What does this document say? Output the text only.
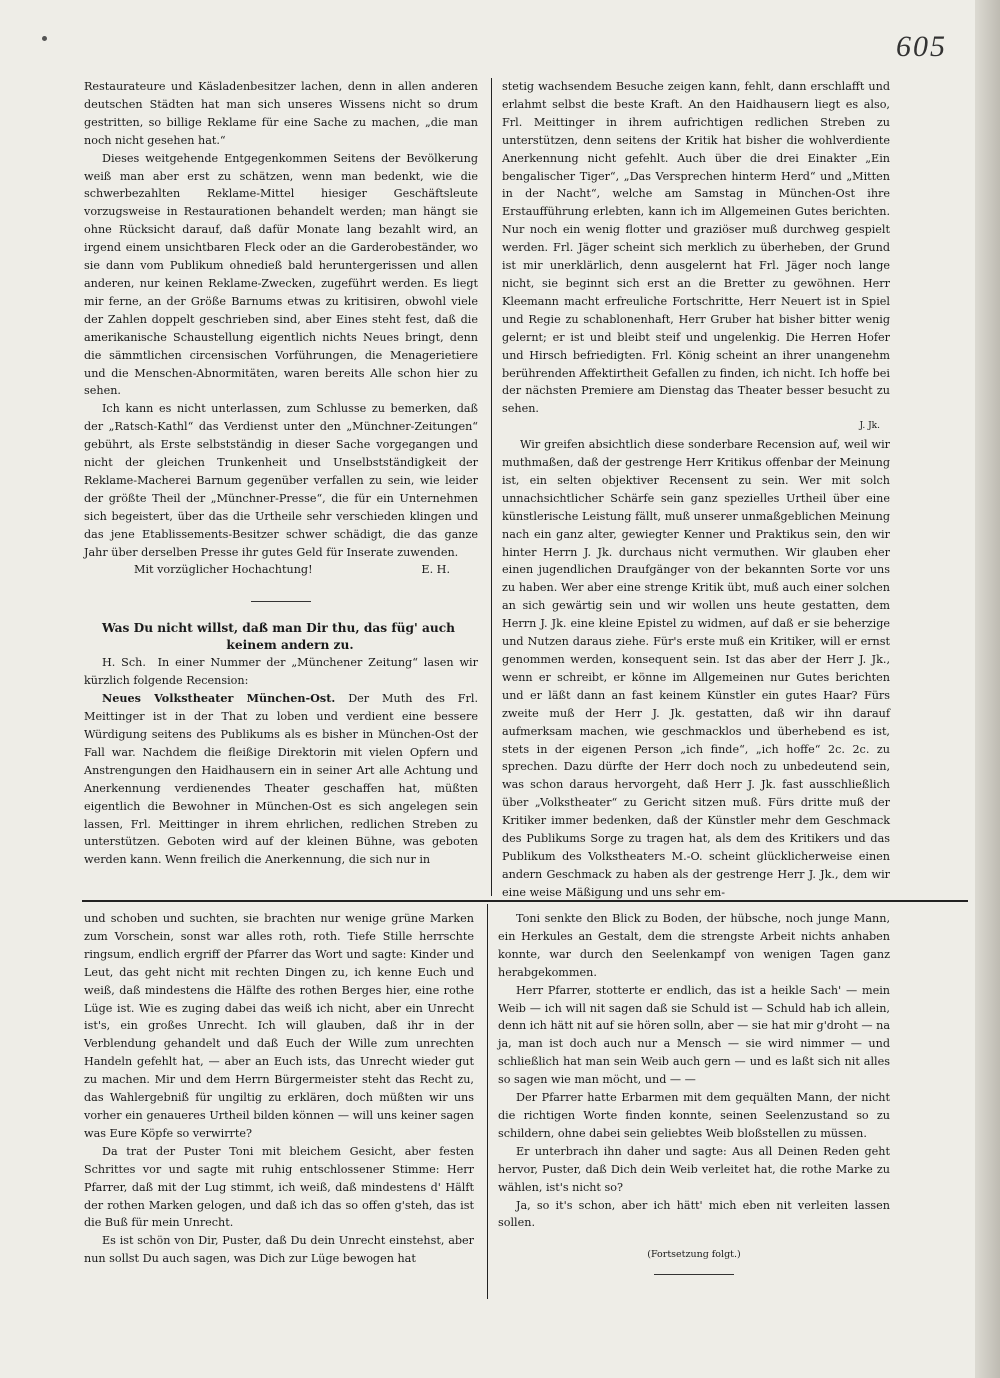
605

Restaurateure und Käsladenbesitzer lachen, denn in allen anderen deutschen Städten hat man sich unseres Wissens nicht so drum gestritten, so billige Reklame für eine Sache zu machen, „die man noch nicht gesehen hat.“

Dieses weitgehende Entgegenkommen Seitens der Bevölkerung weiß man aber erst zu schätzen, wenn man bedenkt, wie die schwerbezahlten Reklame-Mittel hiesiger Geschäftsleute vorzugsweise in Restaurationen behandelt werden; man hängt sie ohne Rücksicht darauf, daß dafür Monate lang bezahlt wird, an irgend einem unsichtbaren Fleck oder an die Garderobeständer, wo sie dann vom Publikum ohnedieß bald heruntergerissen und allen anderen, nur keinen Reklame-Zwecken, zugeführt werden. Es liegt mir ferne, an der Größe Barnums etwas zu kritisiren, obwohl viele der Zahlen doppelt geschrieben sind, aber Eines steht fest, daß die amerikanische Schaustellung eigentlich nichts Neues bringt, denn die sämmtlichen circensischen Vorführungen, die Menagerietiere und die Menschen-Abnormitäten, waren bereits Alle schon hier zu sehen.

Ich kann es nicht unterlassen, zum Schlusse zu bemerken, daß der „Ratsch-Kathl“ das Verdienst unter den „Münchner-Zeitungen“ gebührt, als Erste selbstständig in dieser Sache vorgegangen und nicht der gleichen Trunkenheit und Unselbstständigkeit der Reklame-Macherei Barnum gegenüber verfallen zu sein, wie leider der größte Theil der „Münchner-Presse“, die für ein Unternehmen sich begeistert, über das die Urtheile sehr verschieden klingen und das jene Etablissements-Besitzer schwer schädigt, die das ganze Jahr über derselben Presse ihr gutes Geld für Inserate zuwenden.

Mit vorzüglicher Hochachtung!	E. H.

Was Du nicht willst, daß man Dir thu, das füg' auch
keinem andern zu.

H. Sch. In einer Nummer der „Münchener Zeitung“ lasen wir kürzlich folgende Recension:

Neues Volkstheater München-Ost. Der Muth des Frl. Meittinger ist in der That zu loben und verdient eine bessere Würdigung seitens des Publikums als es bisher in München-Ost der Fall war. Nachdem die fleißige Direktorin mit vielen Opfern und Anstrengungen den Haidhausern ein in seiner Art alle Achtung und Anerkennung verdienendes Theater geschaffen hat, müßten eigentlich die Bewohner in München-Ost es sich angelegen sein lassen, Frl. Meittinger in ihrem ehrlichen, redlichen Streben zu unterstützen. Geboten wird auf der kleinen Bühne, was geboten werden kann. Wenn freilich die Anerkennung, die sich nur in

stetig wachsendem Besuche zeigen kann, fehlt, dann erschlafft und erlahmt selbst die beste Kraft. An den Haidhausern liegt es also, Frl. Meittinger in ihrem aufrichtigen redlichen Streben zu unterstützen, denn seitens der Kritik hat bisher die wohlverdiente Anerkennung nicht gefehlt. Auch über die drei Einakter „Ein bengalischer Tiger“, „Das Versprechen hinterm Herd“ und „Mitten in der Nacht“, welche am Samstag in München-Ost ihre Erstaufführung erlebten, kann ich im Allgemeinen Gutes berichten. Nur noch ein wenig flotter und graziöser muß durchweg gespielt werden. Frl. Jäger scheint sich merklich zu überheben, der Grund ist mir unerklärlich, denn ausgelernt hat Frl. Jäger noch lange nicht, sie beginnt sich erst an die Bretter zu gewöhnen. Herr Kleemann macht erfreuliche Fortschritte, Herr Neuert ist in Spiel und Regie zu schablonenhaft, Herr Gruber hat bisher bitter wenig gelernt; er ist und bleibt steif und ungelenkig. Die Herren Hofer und Hirsch befriedigten. Frl. König scheint an ihrer unangenehm berührenden Affektirtheit Gefallen zu finden, ich nicht. Ich hoffe bei der nächsten Premiere am Dienstag das Theater besser besucht zu sehen.

J. Jk.

Wir greifen absichtlich diese sonderbare Recension auf, weil wir muthmaßen, daß der gestrenge Herr Kritikus offenbar der Meinung ist, ein selten objektiver Recensent zu sein. Wer mit solch unnachsichtlicher Schärfe sein ganz spezielles Urtheil über eine künstlerische Leistung fällt, muß unserer unmaßgeblichen Meinung nach ein ganz alter, gewiegter Kenner und Praktikus sein, den wir hinter Herrn J. Jk. durchaus nicht vermuthen. Wir glauben eher einen jugendlichen Draufgänger von der bekannten Sorte vor uns zu haben. Wer aber eine strenge Kritik übt, muß auch einer solchen an sich gewärtig sein und wir wollen uns heute gestatten, dem Herrn J. Jk. eine kleine Epistel zu widmen, auf daß er sie beherzige und Nutzen daraus ziehe. Für's erste muß ein Kritiker, will er ernst genommen werden, konsequent sein. Ist das aber der Herr J. Jk., wenn er schreibt, er könne im Allgemeinen nur Gutes berichten und er läßt dann an fast keinem Künstler ein gutes Haar? Fürs zweite muß der Herr J. Jk. gestatten, daß wir ihn darauf aufmerksam machen, wie geschmacklos und überhebend es ist, stets in der eigenen Person „ich finde“, „ich hoffe“ 2c. 2c. zu sprechen. Dazu dürfte der Herr doch noch zu unbedeutend sein, was schon daraus hervorgeht, daß Herr J. Jk. fast ausschließlich über „Volkstheater“ zu Gericht sitzen muß. Fürs dritte muß der Kritiker immer bedenken, daß der Künstler mehr dem Geschmack des Publikums Sorge zu tragen hat, als dem des Kritikers und das Publikum des Volkstheaters M.-O. scheint glücklicherweise einen andern Geschmack zu haben als der gestrenge Herr J. Jk., dem wir eine weise Mäßigung und uns sehr em-

und schoben und suchten, sie brachten nur wenige grüne Marken zum Vorschein, sonst war alles roth, roth. Tiefe Stille herrschte ringsum, endlich ergriff der Pfarrer das Wort und sagte: Kinder und Leut, das geht nicht mit rechten Dingen zu, ich kenne Euch und weiß, daß mindestens die Hälfte des rothen Berges hier, eine rothe Lüge ist. Wie es zuging dabei das weiß ich nicht, aber ein Unrecht ist's, ein großes Unrecht. Ich will glauben, daß ihr in der Verblendung gehandelt und daß Euch der Wille zum unrechten Handeln gefehlt hat, — aber an Euch ists, das Unrecht wieder gut zu machen. Mir und dem Herrn Bürgermeister steht das Recht zu, das Wahlergebniß für ungiltig zu erklären, doch müßten wir uns vorher ein genaueres Urtheil bilden können — will uns keiner sagen was Eure Köpfe so verwirrte?

Da trat der Puster Toni mit bleichem Gesicht, aber festen Schrittes vor und sagte mit ruhig entschlossener Stimme: Herr Pfarrer, daß mit der Lug stimmt, ich weiß, daß mindestens d' Hälft der rothen Marken gelogen, und daß ich das so offen g'steh, das ist die Buß für mein Unrecht.

Es ist schön von Dir, Puster, daß Du dein Unrecht einstehst, aber nun sollst Du auch sagen, was Dich zur Lüge bewogen hat

Toni senkte den Blick zu Boden, der hübsche, noch junge Mann, ein Herkules an Gestalt, dem die strengste Arbeit nichts anhaben konnte, war durch den Seelenkampf von wenigen Tagen ganz herabgekommen.

Herr Pfarrer, stotterte er endlich, das ist a heikle Sach' — mein Weib — ich will nit sagen daß sie Schuld ist — Schuld hab ich allein, denn ich hätt nit auf sie hören solln, aber — sie hat mir g'droht — na ja, man ist doch auch nur a Mensch — sie wird nimmer — und schließlich hat man sein Weib auch gern — und es laßt sich nit alles so sagen wie man möcht, und — —

Der Pfarrer hatte Erbarmen mit dem gequälten Mann, der nicht die richtigen Worte finden konnte, seinen Seelenzustand so zu schildern, ohne dabei sein geliebtes Weib bloßstellen zu müssen.

Er unterbrach ihn daher und sagte: Aus all Deinen Reden geht hervor, Puster, daß Dich dein Weib verleitet hat, die rothe Marke zu wählen, ist's nicht so?

Ja, so it's schon, aber ich hätt' mich eben nit verleiten lassen sollen.

(Fortsetzung folgt.)
